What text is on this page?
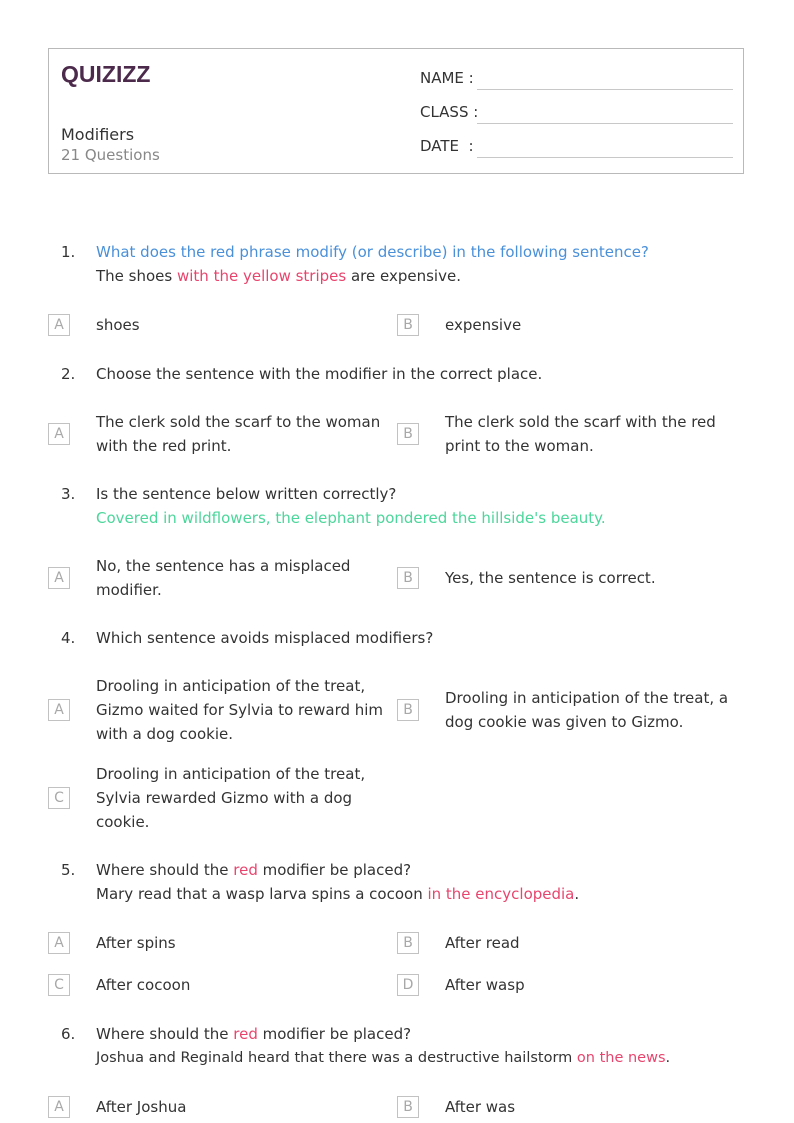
QUIZIZZ
Modifiers
21 Questions
NAME :
CLASS :
DATE  :
1. What does the red phrase modify (or describe) in the following sentence?
The shoes with the yellow stripes are expensive.
A	shoes	B	expensive
2. Choose the sentence with the modifier in the correct place.
A
The clerk sold the scarf to the woman
with the red print.
B
The clerk sold the scarf with the red
print to the woman.
3. Is the sentence below written correctly?
Covered in wildflowers, the elephant pondered the hillside's beauty.
A
No, the sentence has a misplaced
modifier.
B	Yes, the sentence is correct.
4. Which sentence avoids misplaced modifiers?
A
Drooling in anticipation of the treat,
Gizmo waited for Sylvia to reward him
with a dog cookie.
B
Drooling in anticipation of the treat, a
dog cookie was given to Gizmo.
C
Drooling in anticipation of the treat,
Sylvia rewarded Gizmo with a dog
cookie.
5. Where should the red modifier be placed?
Mary read that a wasp larva spins a cocoon in the encyclopedia.
A	After spins	B	After read
C	After cocoon	D	After wasp
6. Where should the red modifier be placed?
Joshua and Reginald heard that there was a destructive hailstorm on the news.
A	After Joshua	B	After was
